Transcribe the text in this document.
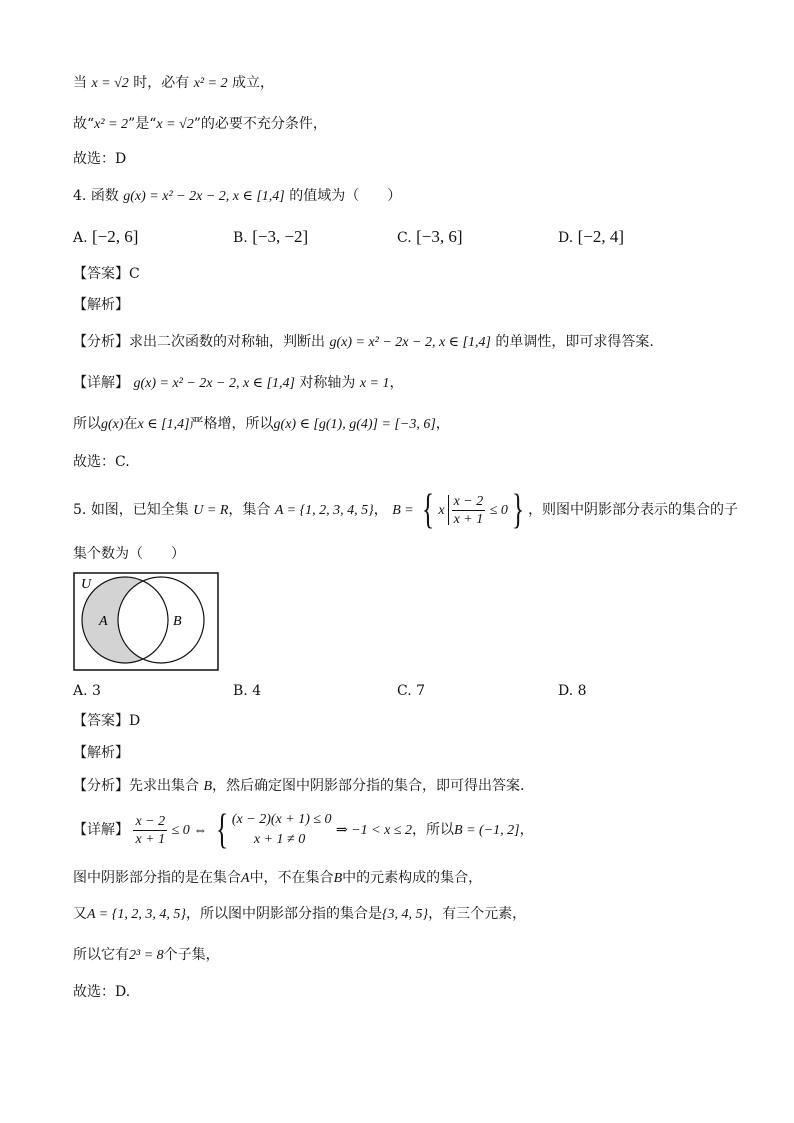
当 x = √2 时，必有 x² = 2 成立，
故“x² = 2”是“x = √2”的必要不充分条件，
故选：D
4. 函数 g(x) = x² − 2x − 2, x ∈ [1,4] 的值域为（　　）
A. [−2, 6]	B. [−3, −2]	C. [−3, 6]	D. [−2, 4]
【答案】C
【解析】
【分析】求出二次函数的对称轴，判断出 g(x) = x² − 2x − 2, x ∈ [1,4] 的单调性，即可求得答案.
【详解】 g(x) = x² − 2x − 2, x ∈ [1,4] 对称轴为 x = 1，
所以g(x)在x ∈ [1,4]严格增，所以g(x) ∈ [g(1), g(4)] = [−3, 6]，
故选：C.
5. 如图，已知全集 U = R，集合 A = {1, 2, 3, 4, 5}， B = { x $\frac{x - 2}{x + 1} \le 0$} ，则图中阴影部分表示的集合的子
集个数为（　　）
U
A	B
A. 3	B. 4	C. 7	D. 8
【答案】D
【解析】
【分析】先求出集合 B，然后确定图中阴影部分指的集合，即可得出答案.
【详解】 $\frac{x - 2}{x + 1} \le 0$ ⇔ { (x − 2)(x + 1) ≤ 0
x + 1 ≠ 0
⇒ −1 < x ≤ 2，所以B = (−1, 2]，
图中阴影部分指的是在集合A中，不在集合B中的元素构成的集合，
又A = {1, 2, 3, 4, 5}，所以图中阴影部分指的集合是{3, 4, 5}，有三个元素，
所以它有2³ = 8个子集，
故选：D.
